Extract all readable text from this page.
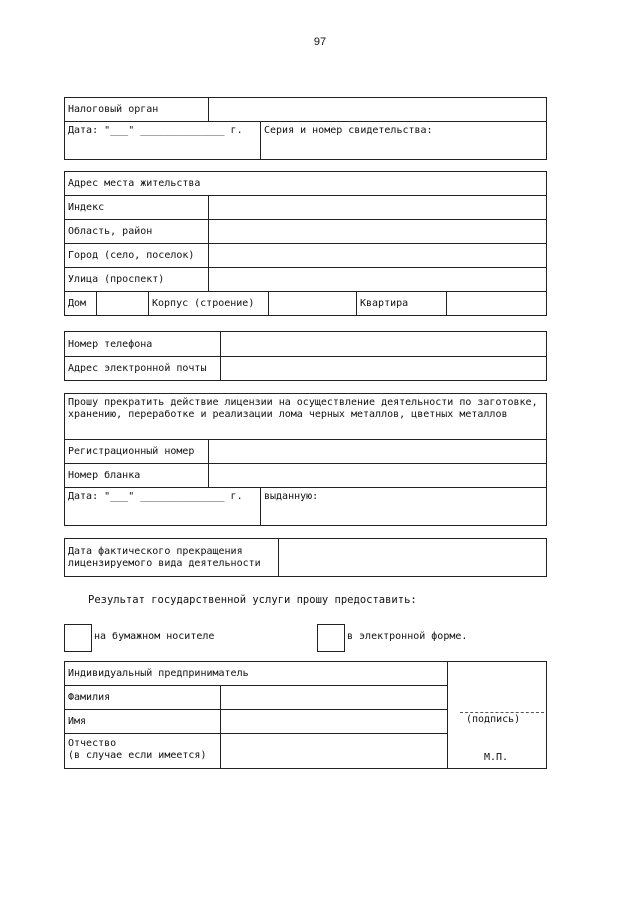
97
Налоговый орган		
Дата: "___" ______________ г.		Серия и номер свидетельства:
Адрес места жительства						
Индекс						
Область, район						
Город (село, поселок)						
Улица (проспект)						
Дом		Корпус (строение)			Квартира	
Номер телефона	
Адрес электронной почты	
Прошу прекратить действие лицензии на осуществление деятельности по заготовке, хранению, переработке и реализации лома черных металлов, цветных металлов		
Регистрационный номер		
Номер бланка		
Дата: "___" ______________ г.		выданную:
Дата фактического прекращения лицензируемого вида деятельности	
Результат государственной услуги прошу предоставить:
на бумажном носителе	в электронной форме.
Индивидуальный предприниматель		
Фамилия		
Имя		
Отчество
(в случае если имеется)		
(подпись)
М.П.
